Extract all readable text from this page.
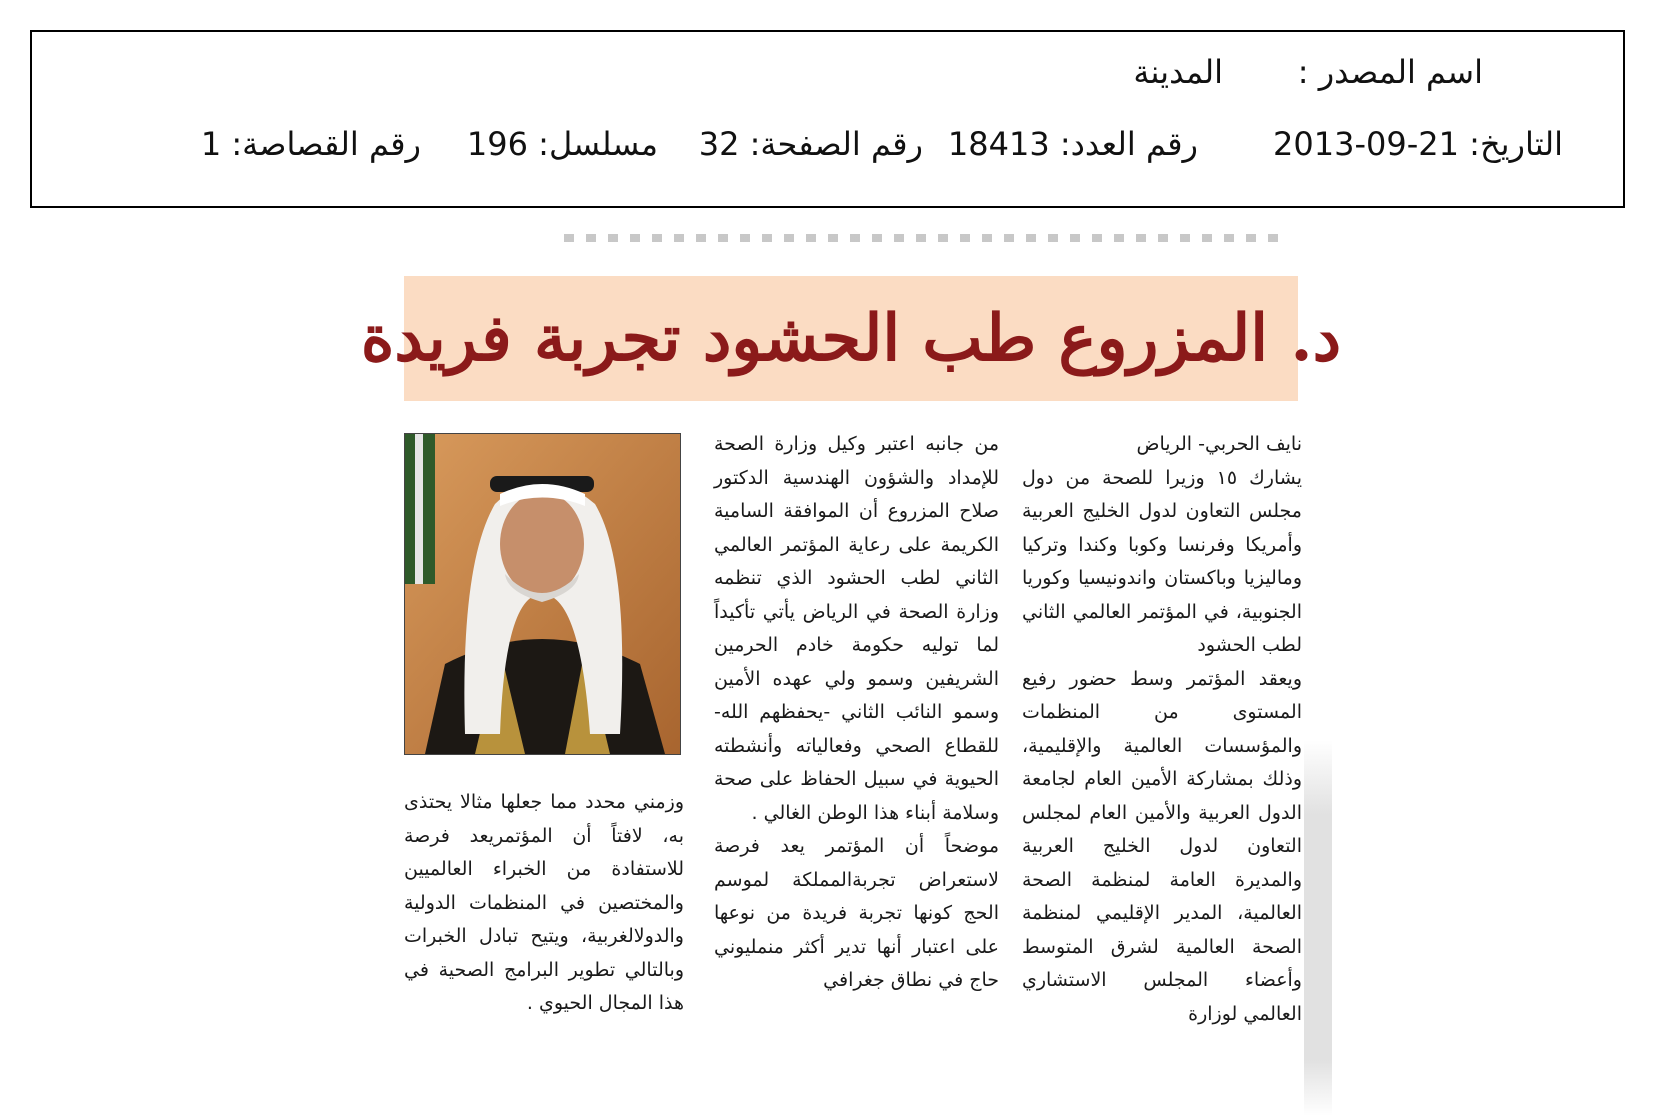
اسم المصدر :
المدينة
التاريخ: 21-09-2013
رقم العدد: 18413
رقم الصفحة: 32
مسلسل: 196
رقم القصاصة: 1
د. المزروع طب الحشود تجربة فريدة

نايف الحربي- الرياض

يشارك ١٥ وزيرا للصحة من دول مجلس التعاون لدول الخليج العربية وأمريكا وفرنسا وكوبا وكندا وتركيا وماليزيا وباكستان واندونيسيا وكوريا الجنوبية، في المؤتمر العالمي الثاني لطب الحشود

ويعقد المؤتمر وسط حضور رفيع المستوى من المنظمات والمؤسسات العالمية والإقليمية، وذلك بمشاركة الأمين العام لجامعة الدول العربية والأمين العام لمجلس التعاون لدول الخليج العربية والمديرة العامة لمنظمة الصحة العالمية، المدير الإقليمي لمنظمة الصحة العالمية لشرق المتوسط وأعضاء المجلس الاستشاري العالمي لوزارة

من جانبه اعتبر وكيل وزارة الصحة للإمداد والشؤون الهندسية الدكتور صلاح المزروع أن الموافقة السامية الكريمة على رعاية المؤتمر العالمي الثاني لطب الحشود الذي تنظمه وزارة الصحة في الرياض يأتي تأكيداً لما توليه حكومة خادم الحرمين الشريفين وسمو ولي عهده الأمين وسمو النائب الثاني -يحفظهم الله- للقطاع الصحي وفعالياته وأنشطته الحيوية في سبيل الحفاظ على صحة وسلامة أبناء هذا الوطن الغالي .

موضحاً أن المؤتمر يعد فرصة لاستعراض تجربةالمملكة لموسم الحج كونها تجربة فريدة من نوعها على اعتبار أنها تدير أكثر منمليوني حاج في نطاق جغرافي

وزمني محدد مما جعلها مثالا يحتذى به، لافتاً أن المؤتمريعد فرصة للاستفادة من الخبراء العالميين والمختصين في المنظمات الدولية والدولالغربية، ويتيح تبادل الخبرات وبالتالي تطوير البرامج الصحية في هذا المجال الحيوي .
